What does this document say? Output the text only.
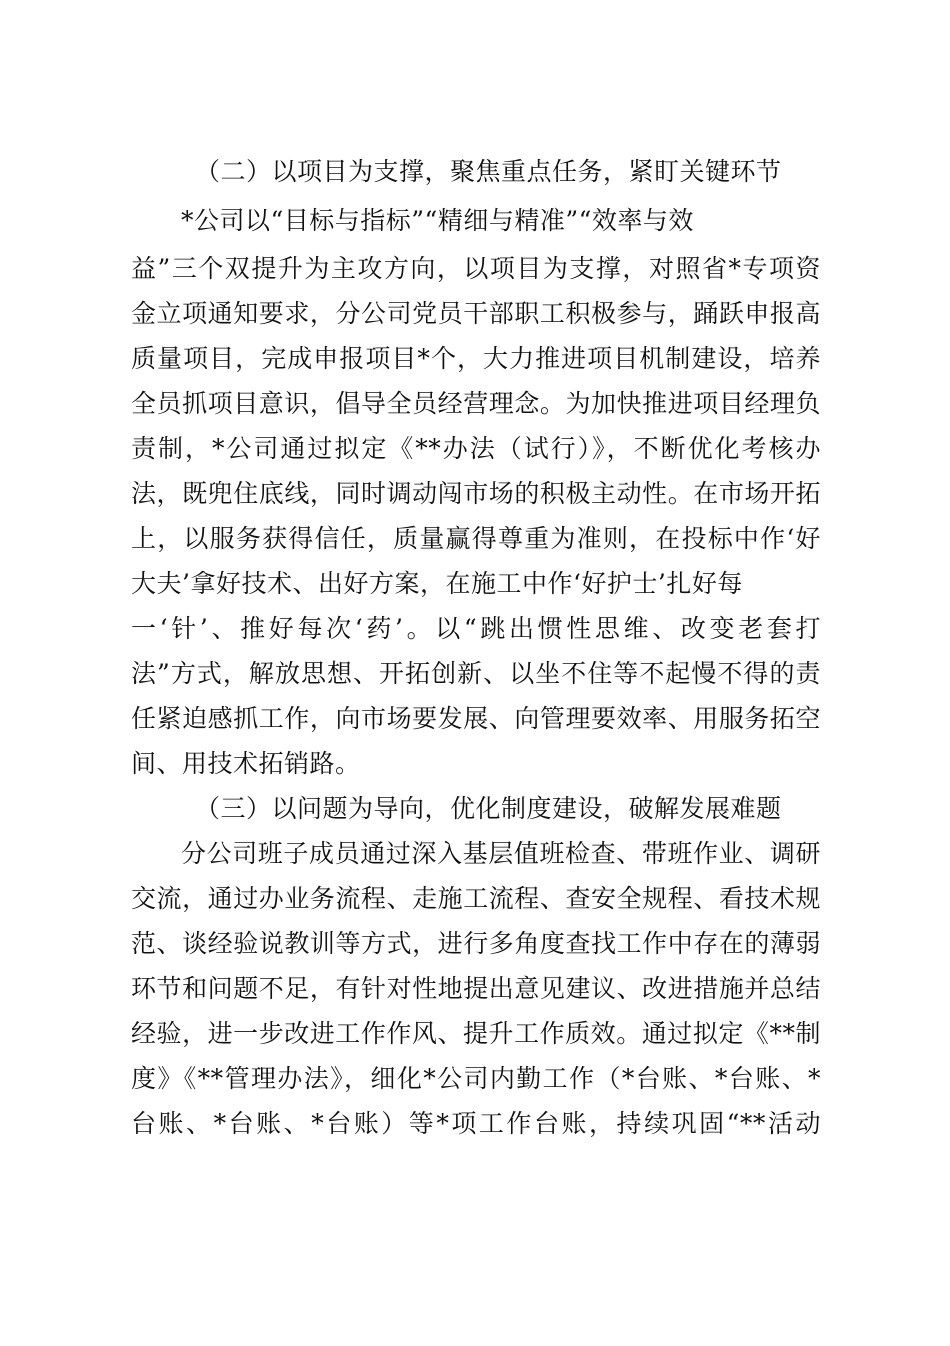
（二）以项目为支撑，聚焦重点任务，紧盯关键环节
*公司以“目标与指标”“精细与精准”“效率与效
益”三个双提升为主攻方向，以项目为支撑，对照省*专项资
金立项通知要求，分公司党员干部职工积极参与，踊跃申报高
质量项目，完成申报项目*个，大力推进项目机制建设，培养
全员抓项目意识，倡导全员经营理念。为加快推进项目经理负
责制，*公司通过拟定《**办法（试行）》，不断优化考核办
法，既兜住底线，同时调动闯市场的积极主动性。在市场开拓
上，以服务获得信任，质量赢得尊重为准则，在投标中作‘好
大夫’拿好技术、出好方案，在施工中作‘好护士’扎好每
一‘针’、推好每次‘药’。以“跳出惯性思维、改变老套打
法”方式，解放思想、开拓创新、以坐不住等不起慢不得的责
任紧迫感抓工作，向市场要发展、向管理要效率、用服务拓空
间、用技术拓销路。
（三）以问题为导向，优化制度建设，破解发展难题
分公司班子成员通过深入基层值班检查、带班作业、调研
交流，通过办业务流程、走施工流程、查安全规程、看技术规
范、谈经验说教训等方式，进行多角度查找工作中存在的薄弱
环节和问题不足，有针对性地提出意见建议、改进措施并总结
经验，进一步改进工作作风、提升工作质效。通过拟定《**制
度》《**管理办法》，细化*公司内勤工作（*台账、*台账、*
台账、*台账、*台账）等*项工作台账，持续巩固“**活动
